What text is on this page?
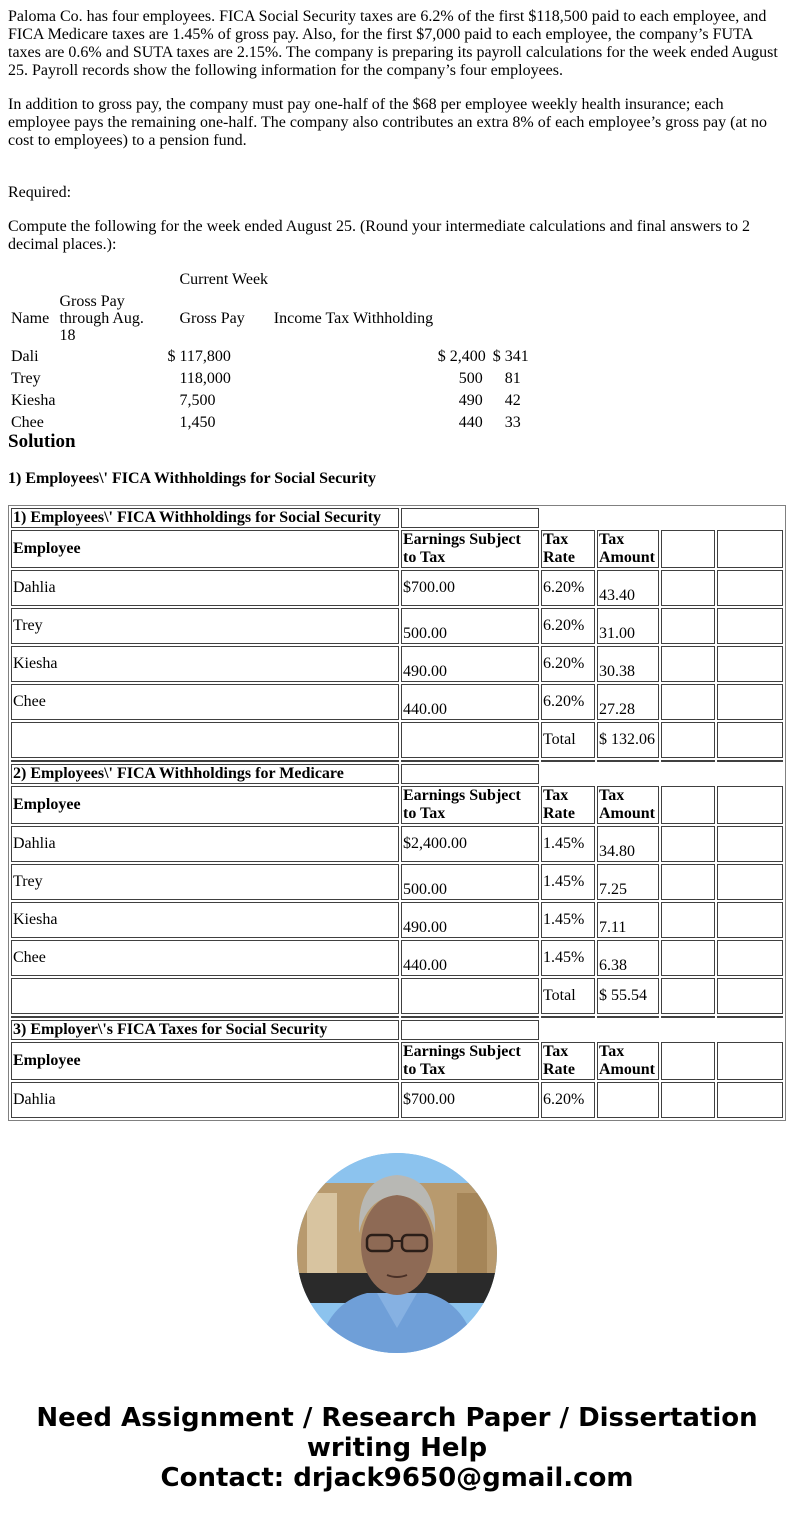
Paloma Co. has four employees. FICA Social Security taxes are 6.2% of the first $118,500 paid to each employee, and FICA Medicare taxes are 1.45% of gross pay. Also, for the first $7,000 paid to each employee, the company’s FUTA taxes are 0.6% and SUTA taxes are 2.15%. The company is preparing its payroll calculations for the week ended August 25. Payroll records show the following information for the company’s four employees.

In addition to gross pay, the company must pay one-half of the $68 per employee weekly health insurance; each employee pays the remaining one-half. The company also contributes an extra 8% of each employee’s gross pay (at no cost to employees) to a pension fund.

Required:

Compute the following for the week ended August 25. (Round your intermediate calculations and final answers to 2 decimal places.):

			Current Week					
Name	Gross Pay through Aug. 18		Gross Pay	Income Tax Withholding				
Dali		$	117,800		$	2,400	$	341
Trey			118,000			500		81
Kiesha			7,500			490		42
Chee			1,450			440		33
Solution
1) Employees\' FICA Withholdings for Social Security
1) Employees\' FICA Withholdings for Social Security					
Employee	Earnings Subject to Tax	Tax Rate	Tax Amount		
Dahlia	$700.00	6.20%	43.40		
Trey	500.00	6.20%	31.00		
Kiesha	490.00	6.20%	30.38		
Chee	440.00	6.20%	27.28		
		Total	$ 132.06		

2) Employees\' FICA Withholdings for Medicare					
Employee	Earnings Subject to Tax	Tax Rate	Tax Amount		
Dahlia	$2,400.00	1.45%	34.80		
Trey	500.00	1.45%	7.25		
Kiesha	490.00	1.45%	7.11		
Chee	440.00	1.45%	6.38		
		Total	$ 55.54		

3) Employer\'s FICA Taxes for Social Security					
Employee	Earnings Subject to Tax	Tax Rate	Tax Amount		
Dahlia	$700.00	6.20%			
Need Assignment / Research Paper / Dissertation
writing Help
Contact: drjack9650@gmail.com
